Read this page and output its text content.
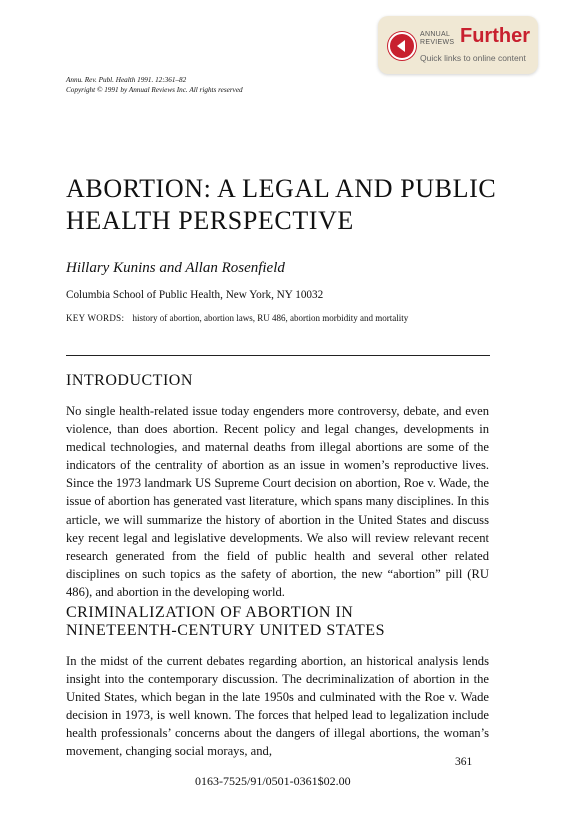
ANNUAL
REVIEWS Further
Quick links to online content
Annu. Rev. Publ. Health 1991. 12:361–82
Copyright © 1991 by Annual Reviews Inc. All rights reserved
ABORTION: A LEGAL AND PUBLIC
HEALTH PERSPECTIVE
Hillary Kunins and Allan Rosenfield
Columbia School of Public Health, New York, NY 10032
KEY WORDS: history of abortion, abortion laws, RU 486, abortion morbidity and mortality
INTRODUCTION

No single health-related issue today engenders more controversy, debate, and even violence, than does abortion. Recent policy and legal changes, developments in medical technologies, and maternal deaths from illegal abortions are some of the indicators of the centrality of abortion as an issue in women’s reproductive lives. Since the 1973 landmark US Supreme Court decision on abortion, Roe v. Wade, the issue of abortion has generated vast literature, which spans many disciplines. In this article, we will summarize the history of abortion in the United States and discuss key recent legal and legislative developments. We also will review relevant recent research generated from the field of public health and several other related disciplines on such topics as the safety of abortion, the new “abortion” pill (RU 486), and abortion in the developing world.

CRIMINALIZATION OF ABORTION IN
NINETEENTH-CENTURY UNITED STATES

In the midst of the current debates regarding abortion, an historical analysis lends insight into the contemporary discussion. The decriminalization of abortion in the United States, which began in the late 1950s and culminated with the Roe v. Wade decision in 1973, is well known. The forces that helped lead to legalization include health professionals’ concerns about the dangers of illegal abortions, the woman’s movement, changing social morays, and,

361
0163-7525/91/0501-0361$02.00
